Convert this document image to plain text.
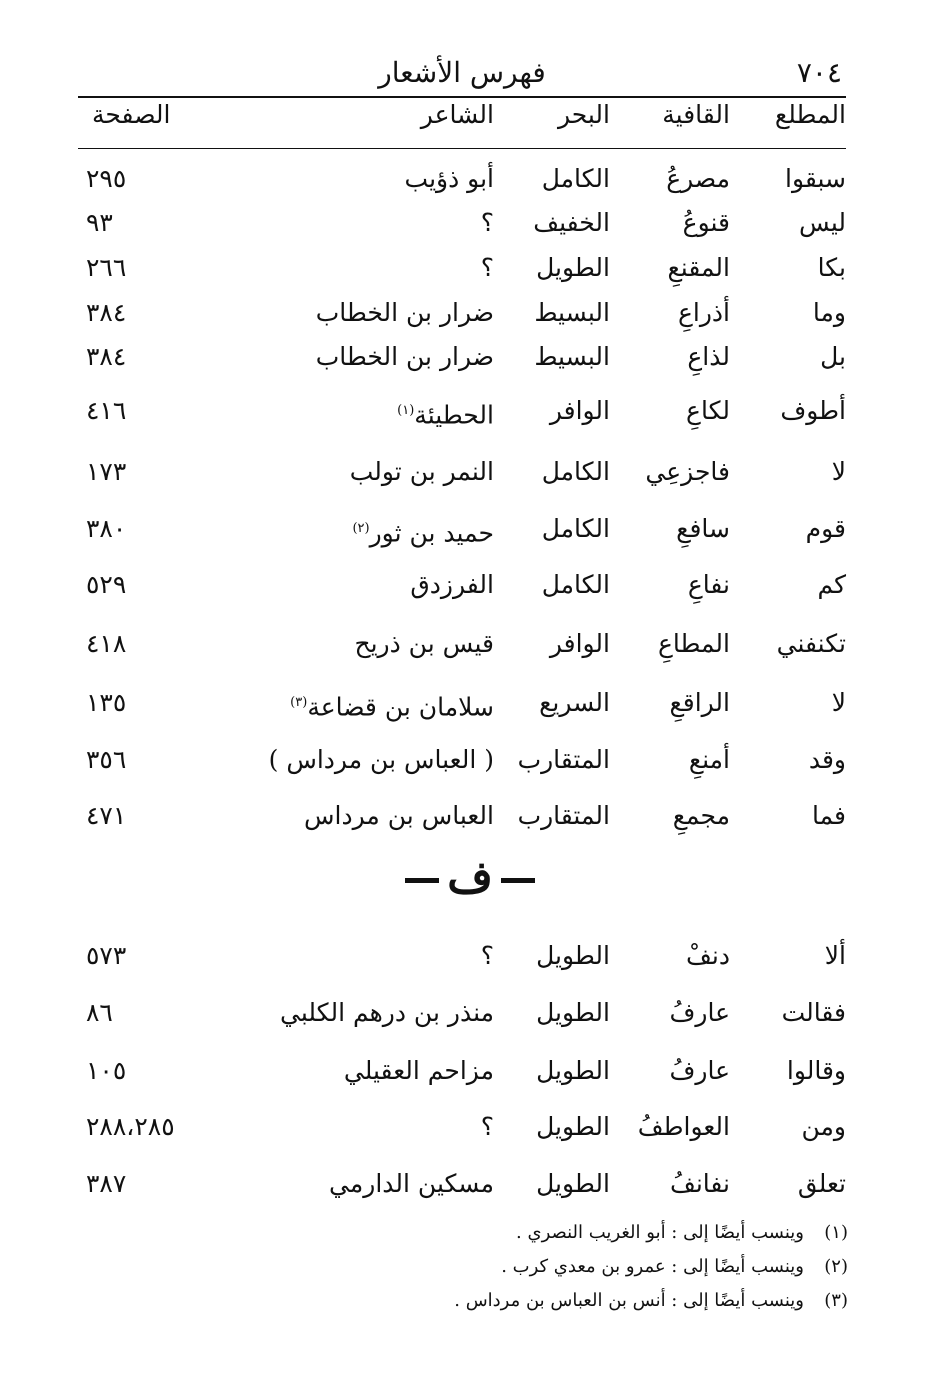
٧٠٤
فهرس الأشعار
المطلع
القافية
البحر
الشاعر
الصفحة
سبقوا
مصرعُ
الكامل
أبو ذؤيب
٢٩٥
ليس
قنوعُ
الخفيف
؟
٩٣
بكا
المقنعِ
الطويل
؟
٢٦٦
وما
أذراعِ
البسيط
ضرار بن الخطاب
٣٨٤
بل
لذاعِ
البسيط
ضرار بن الخطاب
٣٨٤
أطوف
لكاعِ
الوافر
الحطيئة$^{(١)}$
٤١٦
لا
فاجزعِي
الكامل
النمر بن تولب
١٧٣
قوم
سافعِ
الكامل
حميد بن ثور$^{(٢)}$
٣٨٠
كم
نفاعِ
الكامل
الفرزدق
٥٢٩
تكنفني
المطاعِ
الوافر
قيس بن ذريح
٤١٨
لا
الراقعِ
السريع
سلامان بن قضاعة$^{(٣)}$
١٣٥
وقد
أمنعِ
المتقارب
( العباس بن مرداس )
٣٥٦
فما
مجمعِ
المتقارب
العباس بن مرداس
٤٧١
ف
ألا
دنفْ
الطويل
؟
٥٧٣
فقالت
عارفُ
الطويل
منذر بن درهم الكلبي
٨٦
وقالوا
عارفُ
الطويل
مزاحم العقيلي
١٠٥
ومن
العواطفُ
الطويل
؟
٢٨٨،٢٨٥
تعلق
نفانفُ
الطويل
مسكين الدارمي
٣٨٧
(١)وينسب أيضًا إلى : أبو الغريب النصري .
(٢)وينسب أيضًا إلى : عمرو بن معدي كرب .
(٣)وينسب أيضًا إلى : أنس بن العباس بن مرداس .
